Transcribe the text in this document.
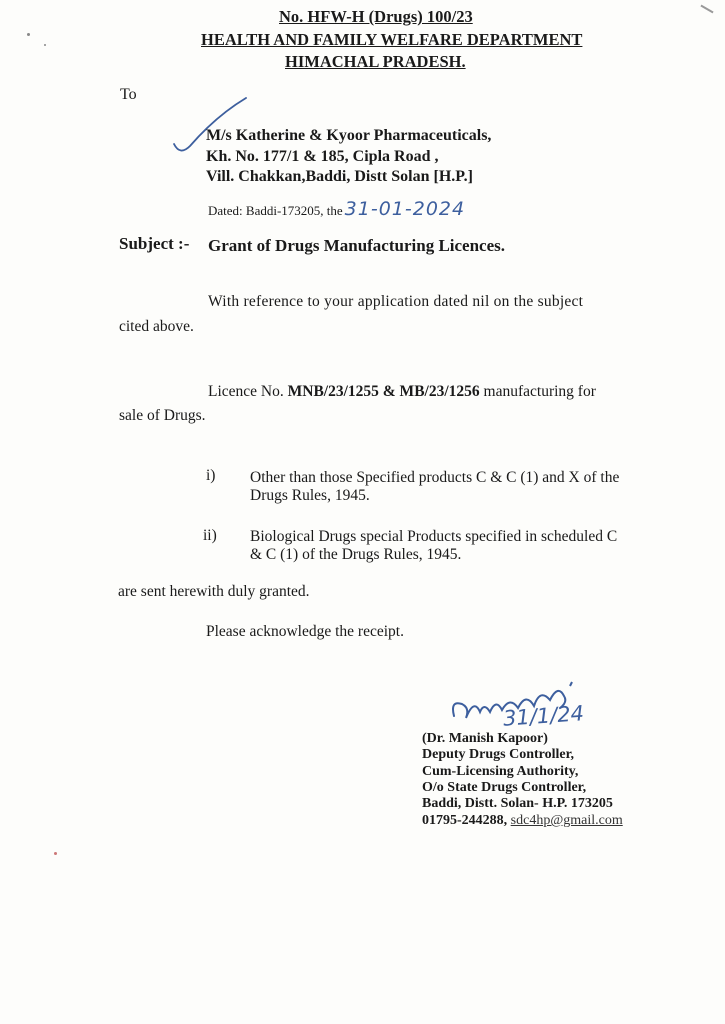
No. HFW-H (Drugs) 100/23
HEALTH AND FAMILY WELFARE DEPARTMENT
HIMACHAL PRADESH.
To
M/s Katherine & Kyoor Pharmaceuticals,
Kh. No. 177/1 & 185, Cipla Road ,
Vill. Chakkan,Baddi, Distt Solan [H.P.]
Dated: Baddi-173205, the 31-01-2024
Subject :- Grant of Drugs Manufacturing Licences.
With reference to your application dated nil on the subject
cited above.
Licence No. MNB/23/1255 & MB/23/1256 manufacturing for
sale of Drugs.
i) Other than those Specified products C & C (1) and X of the
Drugs Rules, 1945.
ii) Biological Drugs special Products specified in scheduled C
& C (1) of the Drugs Rules, 1945.
are sent herewith duly granted.
Please acknowledge the receipt.
31/1/24
(Dr. Manish Kapoor)
Deputy Drugs Controller,
Cum-Licensing Authority,
O/o State Drugs Controller,
Baddi, Distt. Solan- H.P. 173205
01795-244288, sdc4hp@gmail.com
